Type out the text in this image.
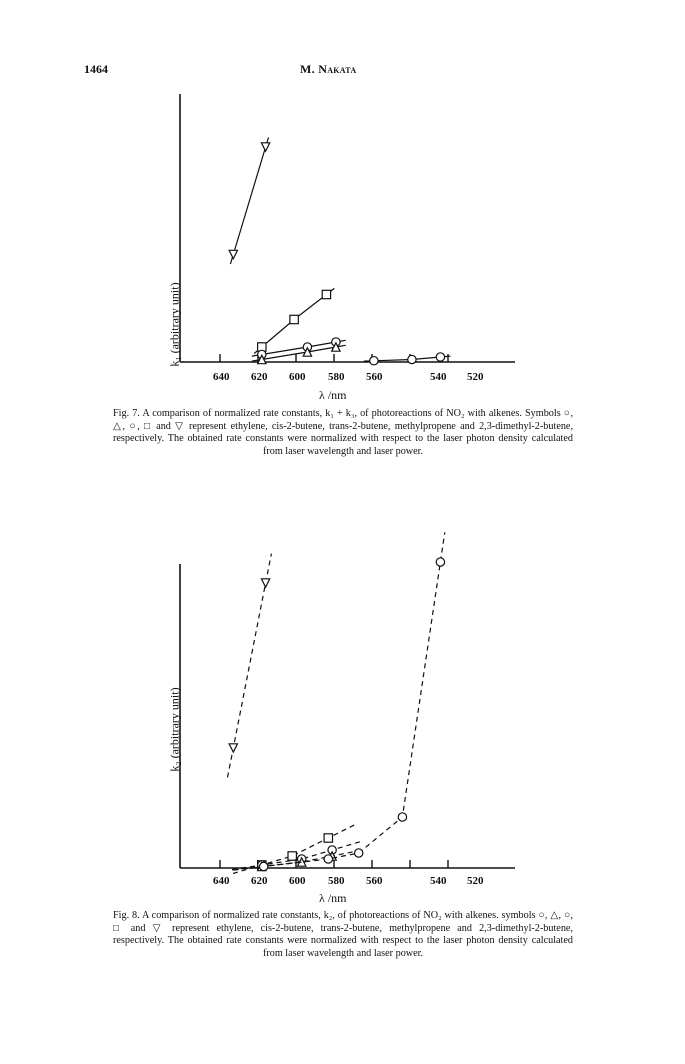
1464	M. Nakata
k₁ (arbitrary unit)
640 620 600 580 560	540 520
λ /nm
Fig. 7. A comparison of normalized rate constants, k₁ + k₃, of photoreactions of NO₂ with alkenes. Symbols ○, △, ○, □ and ▽ represent ethylene, cis-2-butene, trans-2-butene, methylpropene and 2,3-dimethyl-2-butene, respectively. The obtained rate constants were normalized with respect to the laser photon density calculated from laser wavelength and laser power.
k₂ (arbitrary unit)
640 620 600 580 560	540 520
λ /nm
Fig. 8. A comparison of normalized rate constants, k₂, of photoreactions of NO₂ with alkenes. symbols ○, △, ○, □ and ▽ represent ethylene, cis-2-butene, trans-2-butene, methylpropene and 2,3-dimethyl-2-butene, respectively. The obtained rate constants were normalized with respect to the laser photon density calculated from laser wavelength and laser power.
